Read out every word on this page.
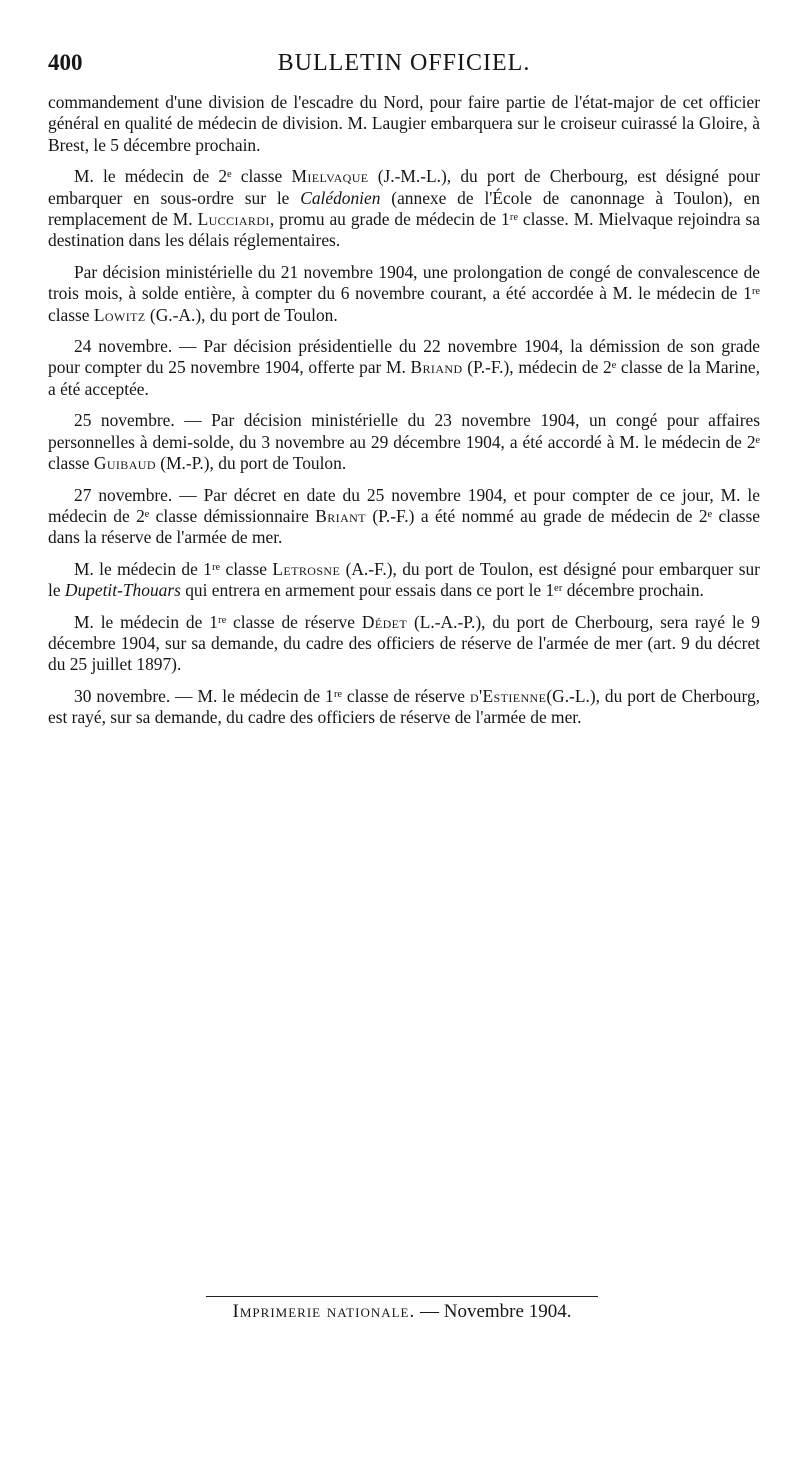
400	BULLETIN OFFICIEL.

commandement d'une division de l'escadre du Nord, pour faire partie de l'état-major de cet officier général en qualité de médecin de division. M. Laugier embarquera sur le croiseur cuirassé la Gloire, à Brest, le 5 décembre prochain.

M. le médecin de 2ᵉ classe Mielvaque (J.-M.-L.), du port de Cherbourg, est désigné pour embarquer en sous-ordre sur le Calédonien (annexe de l'École de canonnage à Toulon), en remplacement de M. Lucciardi, promu au grade de médecin de 1ʳᵉ classe. M. Mielvaque rejoindra sa destination dans les délais réglementaires.

Par décision ministérielle du 21 novembre 1904, une prolongation de congé de convalescence de trois mois, à solde entière, à compter du 6 novembre courant, a été accordée à M. le médecin de 1ʳᵉ classe Lowitz (G.-A.), du port de Toulon.

24 novembre. — Par décision présidentielle du 22 novembre 1904, la démission de son grade pour compter du 25 novembre 1904, offerte par M. Briand (P.-F.), médecin de 2ᵉ classe de la Marine, a été acceptée.

25 novembre. — Par décision ministérielle du 23 novembre 1904, un congé pour affaires personnelles à demi-solde, du 3 novembre au 29 décembre 1904, a été accordé à M. le médecin de 2ᵉ classe Guibaud (M.-P.), du port de Toulon.

27 novembre. — Par décret en date du 25 novembre 1904, et pour compter de ce jour, M. le médecin de 2ᵉ classe démissionnaire Briant (P.-F.) a été nommé au grade de médecin de 2ᵉ classe dans la réserve de l'armée de mer.

M. le médecin de 1ʳᵉ classe Letrosne (A.-F.), du port de Toulon, est désigné pour embarquer sur le Dupetit-Thouars qui entrera en armement pour essais dans ce port le 1ᵉʳ décembre prochain.

M. le médecin de 1ʳᵉ classe de réserve Dédet (L.-A.-P.), du port de Cherbourg, sera rayé le 9 décembre 1904, sur sa demande, du cadre des officiers de réserve de l'armée de mer (art. 9 du décret du 25 juillet 1897).

30 novembre. — M. le médecin de 1ʳᵉ classe de réserve d'Estienne(G.-L.), du port de Cherbourg, est rayé, sur sa demande, du cadre des officiers de réserve de l'armée de mer.

Imprimerie nationale. — Novembre 1904.
